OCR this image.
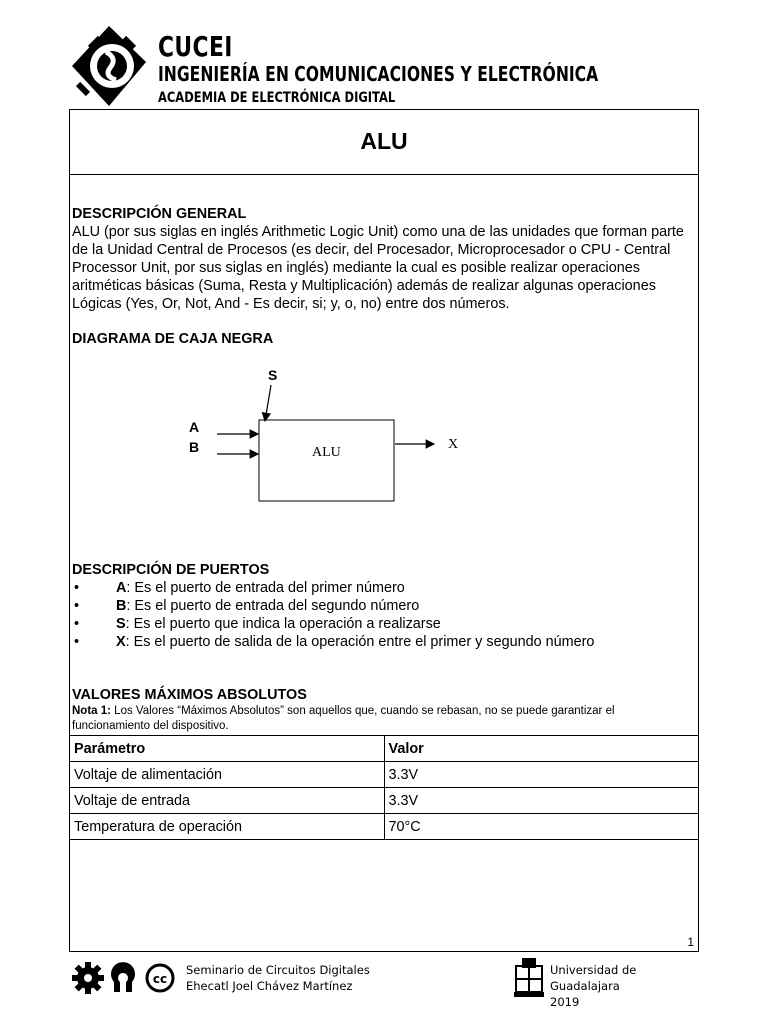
CUCEI
INGENIERÍA EN COMUNICACIONES Y ELECTRÓNICA
ACADEMIA DE ELECTRÓNICA DIGITAL
ALU
DESCRIPCIÓN GENERAL

ALU (por sus siglas en inglés Arithmetic Logic Unit) como una de las unidades que forman parte de la Unidad Central de Procesos (es decir, del Procesador, Microprocesador o CPU - Central Processor Unit, por sus siglas en inglés) mediante la cual es posible realizar operaciones aritméticas básicas (Suma, Resta y Multiplicación) además de realizar algunas operaciones Lógicas (Yes, Or, Not, And - Es decir, si; y, o, no) entre dos números.

DIAGRAMA DE CAJA NEGRA
S
A
B	ALU
X
DESCRIPCIÓN DE PUERTOS
•	A: Es el puerto de entrada del primer número
•	B: Es el puerto de entrada del segundo número
•	S: Es el puerto que indica la operación a realizarse
•	X: Es el puerto de salida de la operación entre el primer y segundo número
VALORES MÁXIMOS ABSOLUTOS
Nota 1: Los Valores “Máximos Absolutos” son aquellos que, cuando se rebasan, no se puede garantizar el funcionamiento del dispositivo.
Parámetro	Valor
Voltaje de alimentación	3.3V
Voltaje de entrada	3.3V
Temperatura de operación	70°C
1
cc
Seminario de Circuitos Digitales
Ehecatl Joel Chávez Martínez
Universidad de Guadalajara
2019
